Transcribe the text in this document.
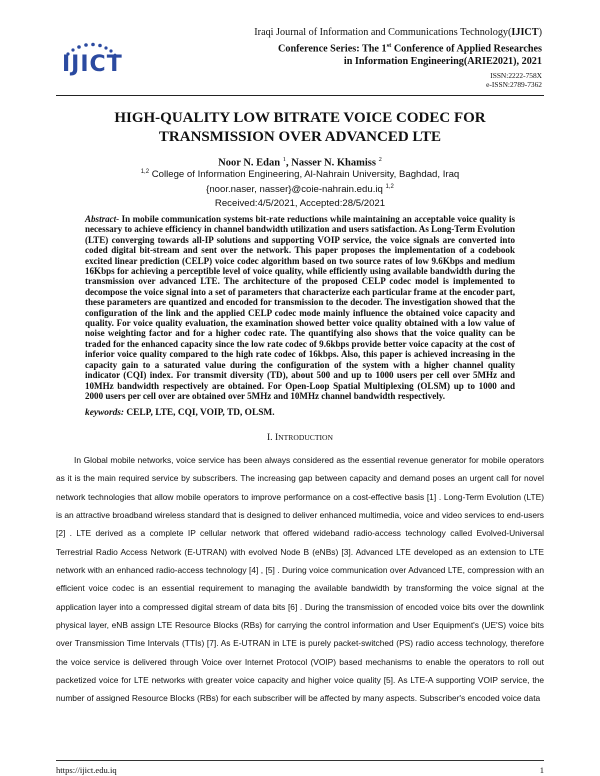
IJICT
Iraqi Journal of Information and Communications Technology(IJICT)
Conference Series: The 1st Conference of Applied Researches
in Information Engineering(ARIE2021), 2021
ISSN:2222-758X
e-ISSN:2789-7362
HIGH-QUALITY LOW BITRATE VOICE CODEC FOR
TRANSMISSION OVER ADVANCED LTE
Noor N. Edan $^1$, Nasser N. Khamiss $^2$
$^{1,2}$ College of Information Engineering, Al-Nahrain University, Baghdad, Iraq
{noor.naser, nasser}@coie-nahrain.edu.iq $^{1,2}$
Received:4/5/2021, Accepted:28/5/2021
Abstract- In mobile communication systems bit-rate reductions while maintaining an acceptable voice quality is necessary to achieve efficiency in channel bandwidth utilization and users satisfaction. As Long-Term Evolution (LTE) converging towards all-IP solutions and supporting VOIP service, the voice signals are converted into coded digital bit-stream and sent over the network. This paper proposes the implementation of a codebook excited linear prediction (CELP) voice codec algorithm based on two source rates of low 9.6Kbps and medium 16Kbps for achieving a perceptible level of voice quality, while efficiently using available bandwidth during the transmission over advanced LTE. The architecture of the proposed CELP codec model is implemented to decompose the voice signal into a set of parameters that characterize each particular frame at the encoder part, these parameters are quantized and encoded for transmission to the decoder. The investigation showed that the configuration of the link and the applied CELP codec mode mainly influence the obtained voice capacity and quality. For voice quality evaluation, the examination showed better voice quality obtained with a low value of noise weighting factor and for a higher codec rate. The quantifying also shows that the voice quality can be traded for the enhanced capacity since the low rate codec of 9.6kbps provide better voice capacity at the cost of inferior voice quality compared to the high rate codec of 16kbps. Also, this paper is achieved increasing in the capacity gain to a saturated value during the configuration of the system with a higher channel quality indicator (CQI) index. For transmit diversity (TD), about 500 and up to 1000 users per cell over 5MHz and 10MHz bandwidth respectively are obtained. For Open-Loop Spatial Multiplexing (OLSM) up to 1000 and 2000 users per cell over are obtained over 5MHz and 10MHz channel bandwidth respectively.
keywords: CELP, LTE, CQI, VOIP, TD, OLSM.
I. INTRODUCTION
In Global mobile networks, voice service has been always considered as the essential revenue generator for mobile operators as it is the main required service by subscribers. The increasing gap between capacity and demand poses an urgent call for novel network technologies that allow mobile operators to improve performance on a cost-effective basis [1] . Long-Term Evolution (LTE) is an attractive broadband wireless standard that is designed to deliver enhanced multimedia, voice and video services to end-users [2] . LTE derived as a complete IP cellular network that offered wideband radio-access technology called Evolved-Universal Terrestrial Radio Access Network (E-UTRAN) with evolved Node B (eNBs) [3]. Advanced LTE developed as an extension to LTE network with an enhanced radio-access technology [4] , [5] . During voice communication over Advanced LTE, compression with an efficient voice codec is an essential requirement to managing the available bandwidth by transforming the voice signal at the application layer into a compressed digital stream of data bits [6] . During the transmission of encoded voice bits over the downlink physical layer, eNB assign LTE Resource Blocks (RBs) for carrying the control information and User Equipment's (UE'S) voice bits over Transmission Time Intervals (TTIs) [7]. As E-UTRAN in LTE is purely packet-switched (PS) radio access technology, therefore the voice service is delivered through Voice over Internet Protocol (VOIP) based mechanisms to enable the operators to roll out packetized voice for LTE networks with greater voice capacity and higher voice quality [5]. As LTE-A supporting VOIP service, the number of assigned Resource Blocks (RBs) for each subscriber will be affected by many aspects. Subscriber's encoded voice data
https://ijict.edu.iq	1
